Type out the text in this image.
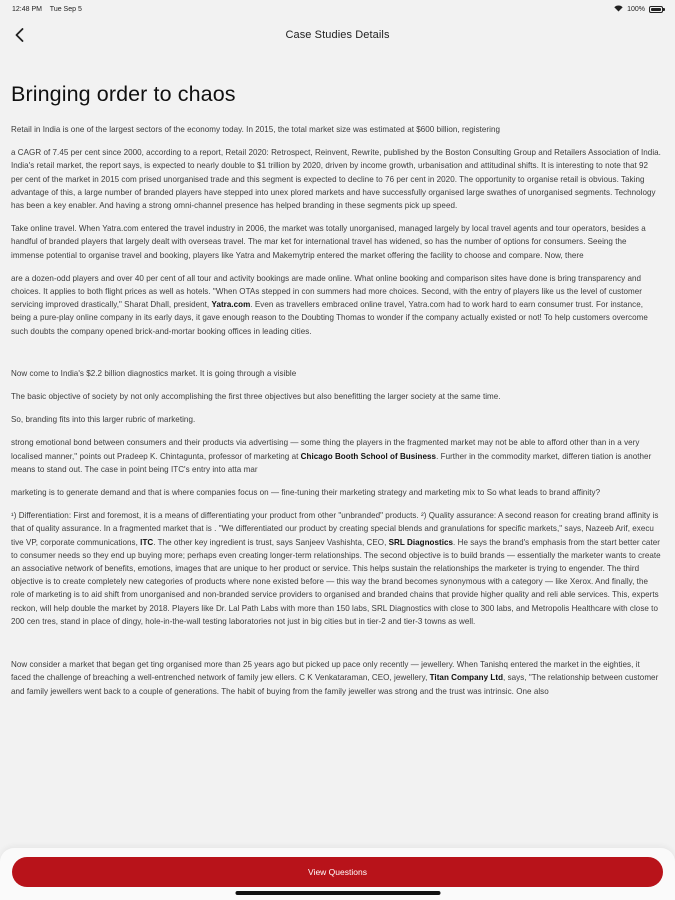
12:48 PM Tue Sep 5	100%
Case Studies Details
Bringing order to chaos

Retail in India is one of the largest sectors of the economy today. In 2015, the total market size was estimated at $600 billion, registering

a CAGR of 7.45 per cent since 2000, according to a report, Retail 2020: Retrospect, Reinvent, Rewrite, published by the Boston Consulting Group and Retailers Association of India. India's retail market, the report says, is expected to nearly double to $1 trillion by 2020, driven by income growth, urbanisation and attitudinal shifts. It is interesting to note that 92 per cent of the market in 2015 com prised unorganised trade and this segment is expected to decline to 76 per cent in 2020. The opportunity to organise retail is obvious. Taking advantage of this, a large number of branded players have stepped into unex plored markets and have successfully organised large swathes of unorganised segments. Technology has been a key enabler. And having a strong omni-channel presence has helped branding in these segments pick up speed.

Take online travel. When Yatra.com entered the travel industry in 2006, the market was totally unorganised, managed largely by local travel agents and tour operators, besides a handful of branded players that largely dealt with overseas travel. The mar ket for international travel has widened, so has the number of options for consumers. Seeing the immense potential to organise travel and booking, players like Yatra and Makemytrip entered the market offering the facility to choose and compare. Now, there

are a dozen-odd players and over 40 per cent of all tour and activity bookings are made online. What online booking and comparison sites have done is bring transparency and choices. It applies to both flight prices as well as hotels. "When OTAs stepped in con summers had more choices. Second, with the entry of players like us the level of customer servicing improved drastically," Sharat Dhall, president, Yatra.com. Even as travellers embraced online travel, Yatra.com had to work hard to earn consumer trust. For instance, being a pure-play online company in its early days, it gave enough reason to the Doubting Thomas to wonder if the company actually existed or not! To help customers overcome such doubts the company opened brick-and-mortar booking offices in leading cities.

Now come to India's $2.2 billion diagnostics market. It is going through a visible

The basic objective of society by not only accomplishing the first three objectives but also benefitting the larger society at the same time.

So, branding fits into this larger rubric of marketing.

strong emotional bond between consumers and their products via advertising — some thing the players in the fragmented market may not be able to afford other than in a very localised manner," points out Pradeep K. Chintagunta, professor of marketing at Chicago Booth School of Business. Further in the commodity market, differen tiation is another means to stand out. The case in point being ITC's entry into atta mar

marketing is to generate demand and that is where companies focus on — fine-tuning their marketing strategy and marketing mix to So what leads to brand affinity?

¹) Differentiation: First and foremost, it is a means of differentiating your product from other "unbranded" products. ²) Quality assurance: A second reason for creating brand affinity is that of quality assurance. In a fragmented market that is . "We differentiated our product by creating special blends and granulations for specific markets," says, Nazeeb Arif, execu tive VP, corporate communications, ITC. The other key ingredient is trust, says Sanjeev Vashishta, CEO, SRL Diagnostics. He says the brand's emphasis from the start better cater to consumer needs so they end up buying more; perhaps even creating longer-term relationships. The second objective is to build brands — essentially the marketer wants to create an associative network of benefits, emotions, images that are unique to her product or service. This helps sustain the relationships the marketer is trying to engender. The third objective is to create completely new categories of products where none existed before — this way the brand becomes synonymous with a category — like Xerox. And finally, the role of marketing is to aid shift from unorganised and non-branded service providers to organised and branded chains that provide higher quality and reli able services. This, experts reckon, will help double the market by 2018. Players like Dr. Lal Path Labs with more than 150 labs, SRL Diagnostics with close to 300 labs, and Metropolis Healthcare with close to 200 cen tres, stand in place of dingy, hole-in-the-wall testing laboratories not just in big cities but in tier-2 and tier-3 towns as well.

Now consider a market that began get ting organised more than 25 years ago but picked up pace only recently — jewellery. When Tanishq entered the market in the eighties, it faced the challenge of breaching a well-entrenched network of family jew ellers. C K Venkataraman, CEO, jewellery, Titan Company Ltd, says, "The relationship between customer and family jewellers went back to a couple of generations. The habit of buying from the family jeweller was strong and the trust was intrinsic. One also

View Questions
